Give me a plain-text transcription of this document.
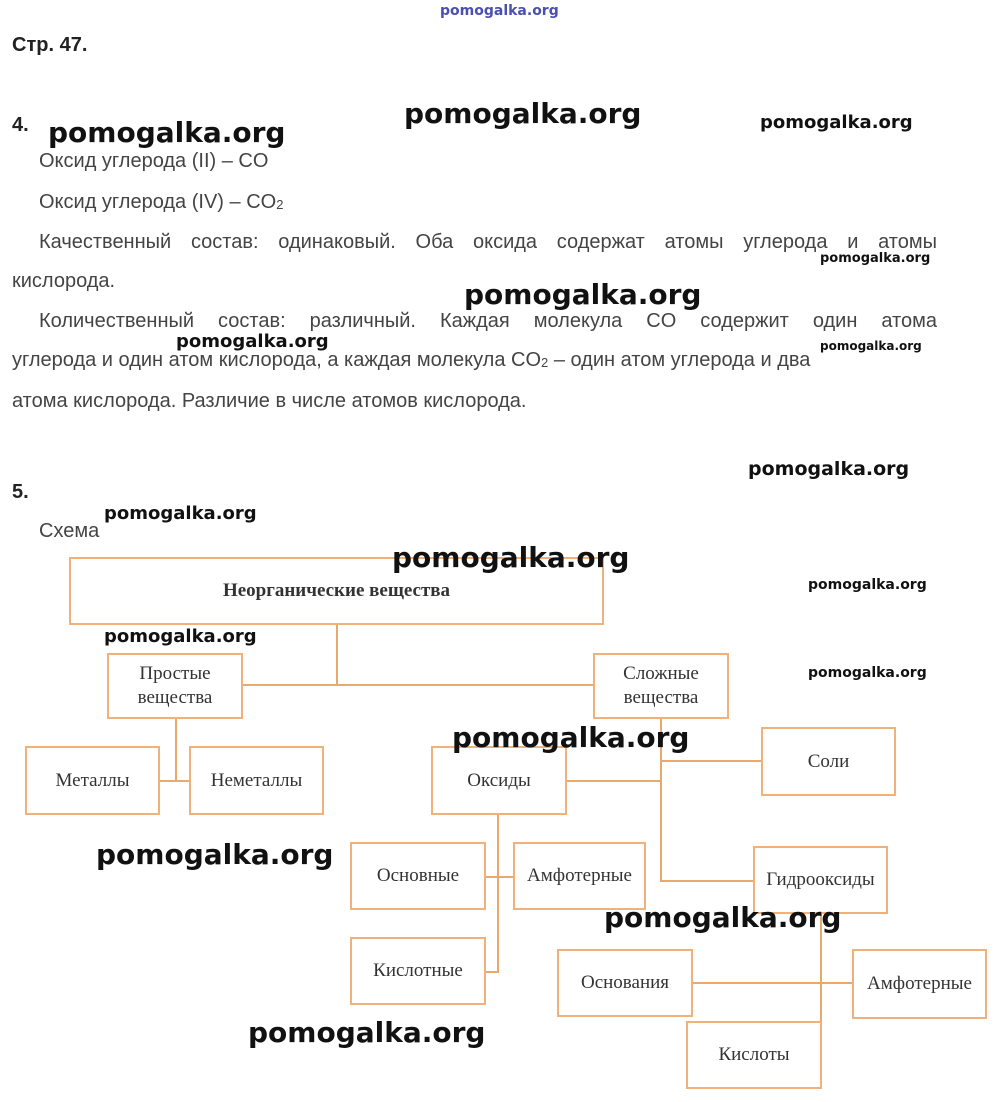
pomogalka.org
Стр. 47.
4.
Оксид углерода (II) – CO
Оксид углерода $(IV) - CO_2$
Качественный состав: одинаковый. Оба оксида содержат атомы углерода и атомы
кислорода.
Количественный состав: различный. Каждая молекула CO содержит один атома
углерода и один атом кислорода, а каждая молекула $CO_2$ – один атом углерода и два
атома кислорода. Различие в числе атомов кислорода.
5.
Схема
Неорганические вещества
Простые вещества
Сложные вещества
Металлы	Неметаллы	Оксиды
Соли
Основные	Амфотерные
Кислотные
Гидрооксиды
Основания	Амфотерные
Кислоты
pomogalka.org
pomogalka.org	pomogalka.org
pomogalka.org
pomogalka.org
pomogalka.org	pomogalka.org
pomogalka.org
pomogalka.org
pomogalka.org
pomogalka.org
pomogalka.org
pomogalka.org
pomogalka.org
pomogalka.org
pomogalka.org
pomogalka.org
